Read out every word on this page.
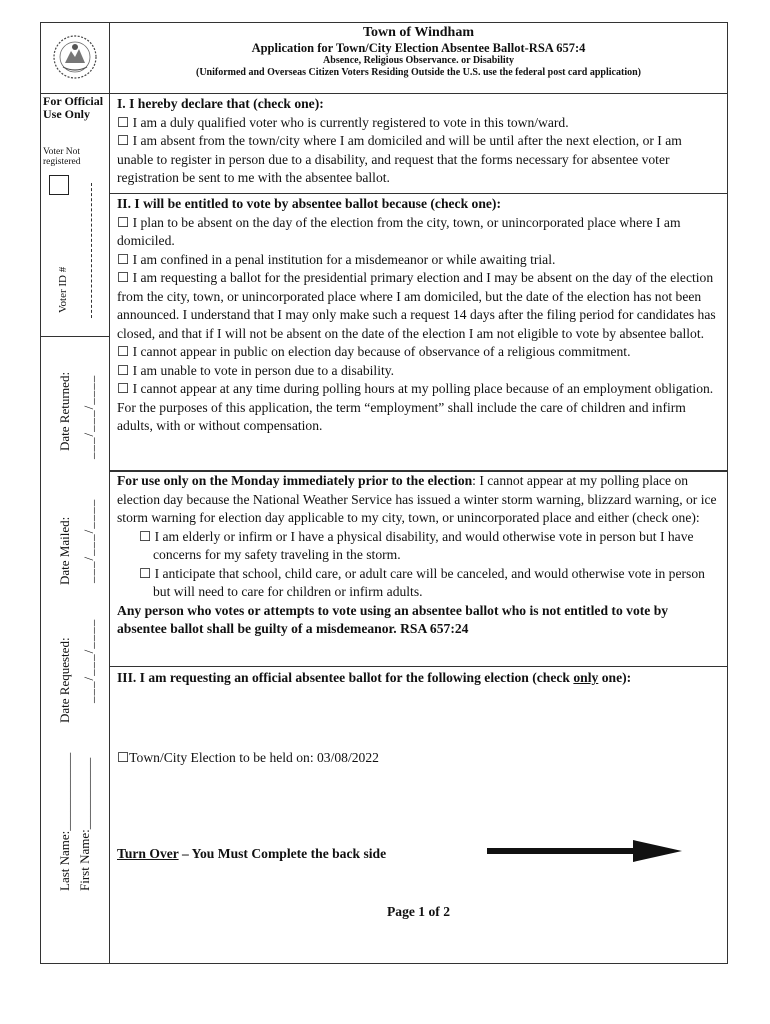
Town of Windham
Application for Town/City Election Absentee Ballot-RSA 657:4
Absence, Religious Observance. or Disability
(Uniformed and Overseas Citizen Voters Residing Outside the U.S. use the federal post card application)
For Official Use Only
Voter Not registered
Voter ID #
Date Returned: ___/___/____
Date Mailed: ___/___/____
Date Requested: ___/___/____
Last Name:____________ First Name:___________

I. I hereby declare that (check one):

☐ I am a duly qualified voter who is currently registered to vote in this town/ward.

☐ I am absent from the town/city where I am domiciled and will be until after the next election, or I am unable to register in person due to a disability, and request that the forms necessary for absentee voter registration be sent to me with the absentee ballot.

II. I will be entitled to vote by absentee ballot because (check one):

☐ I plan to be absent on the day of the election from the city, town, or unincorporated place where I am domiciled.

☐ I am confined in a penal institution for a misdemeanor or while awaiting trial.

☐ I am requesting a ballot for the presidential primary election and I may be absent on the day of the election from the city, town, or unincorporated place where I am domiciled, but the date of the election has not been announced. I understand that I may only make such a request 14 days after the filing period for candidates has closed, and that if I will not be absent on the date of the election I am not eligible to vote by absentee ballot.

☐ I cannot appear in public on election day because of observance of a religious commitment.

☐ I am unable to vote in person due to a disability.

☐ I cannot appear at any time during polling hours at my polling place because of an employment obligation. For the purposes of this application, the term “employment” shall include the care of children and infirm adults, with or without compensation.

For use only on the Monday immediately prior to the election: I cannot appear at my polling place on election day because the National Weather Service has issued a winter storm warning, blizzard warning, or ice storm warning for election day applicable to my city, town, or unincorporated place and either (check one):

☐ I am elderly or infirm or I have a physical disability, and would otherwise vote in person but I have concerns for my safety traveling in the storm.

☐ I anticipate that school, child care, or adult care will be canceled, and would otherwise vote in person but will need to care for children or infirm adults.

Any person who votes or attempts to vote using an absentee ballot who is not entitled to vote by absentee ballot shall be guilty of a misdemeanor. RSA 657:24

III. I am requesting an official absentee ballot for the following election (check only one):

☐Town/City Election to be held on: 03/08/2022
Turn Over – You Must Complete the back side
Page 1 of 2
